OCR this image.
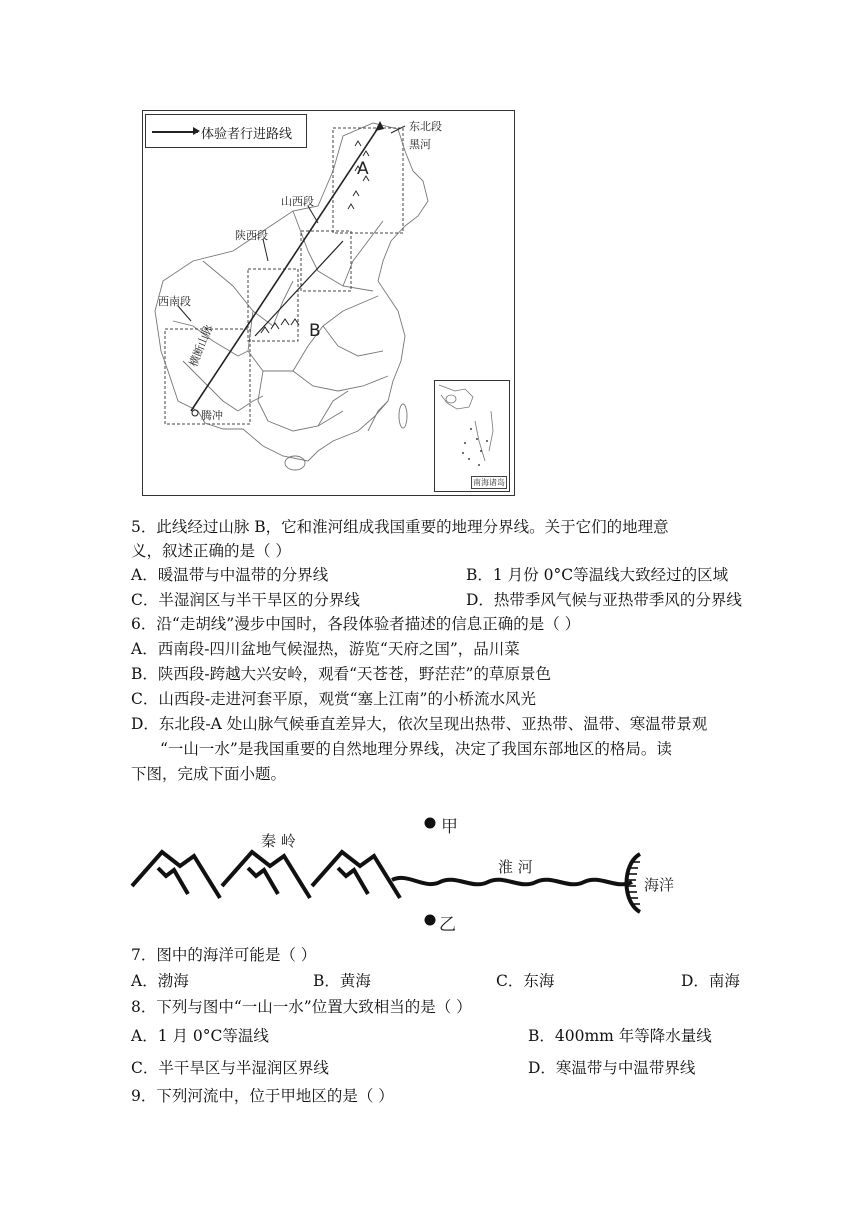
体验者行进路线
东北段
黑河
A
山西段
陕西段
西南段
B
横断山脉
腾冲
南海诸岛
5．此线经过山脉 B，它和淮河组成我国重要的地理分界线。关于它们的地理意
义，叙述正确的是（ ）
A．暖温带与中温带的分界线	B．1 月份 0°C等温线大致经过的区域
C．半湿润区与半干旱区的分界线	D．热带季风气候与亚热带季风的分界线
6．沿“走胡线”漫步中国时，各段体验者描述的信息正确的是（ ）
A．西南段-四川盆地气候湿热，游览“天府之国”，品川菜
B．陕西段-跨越大兴安岭，观看“天苍苍，野茫茫”的草原景色
C．山西段-走进河套平原，观赏“塞上江南”的小桥流水风光
D．东北段-A 处山脉气候垂直差异大，依次呈现出热带、亚热带、温带、寒温带景观
“一山一水”是我国重要的自然地理分界线，决定了我国东部地区的格局。读
下图，完成下面小题。
秦 岭
淮 河
海洋
甲
乙
7．图中的海洋可能是（ ）
A．渤海	B．黄海	C．东海	D．南海
8．下列与图中“一山一水”位置大致相当的是（ ）
A．1 月 0°C等温线	B．400mm 年等降水量线
C．半干旱区与半湿润区界线	D．寒温带与中温带界线
9．下列河流中，位于甲地区的是（ ）
